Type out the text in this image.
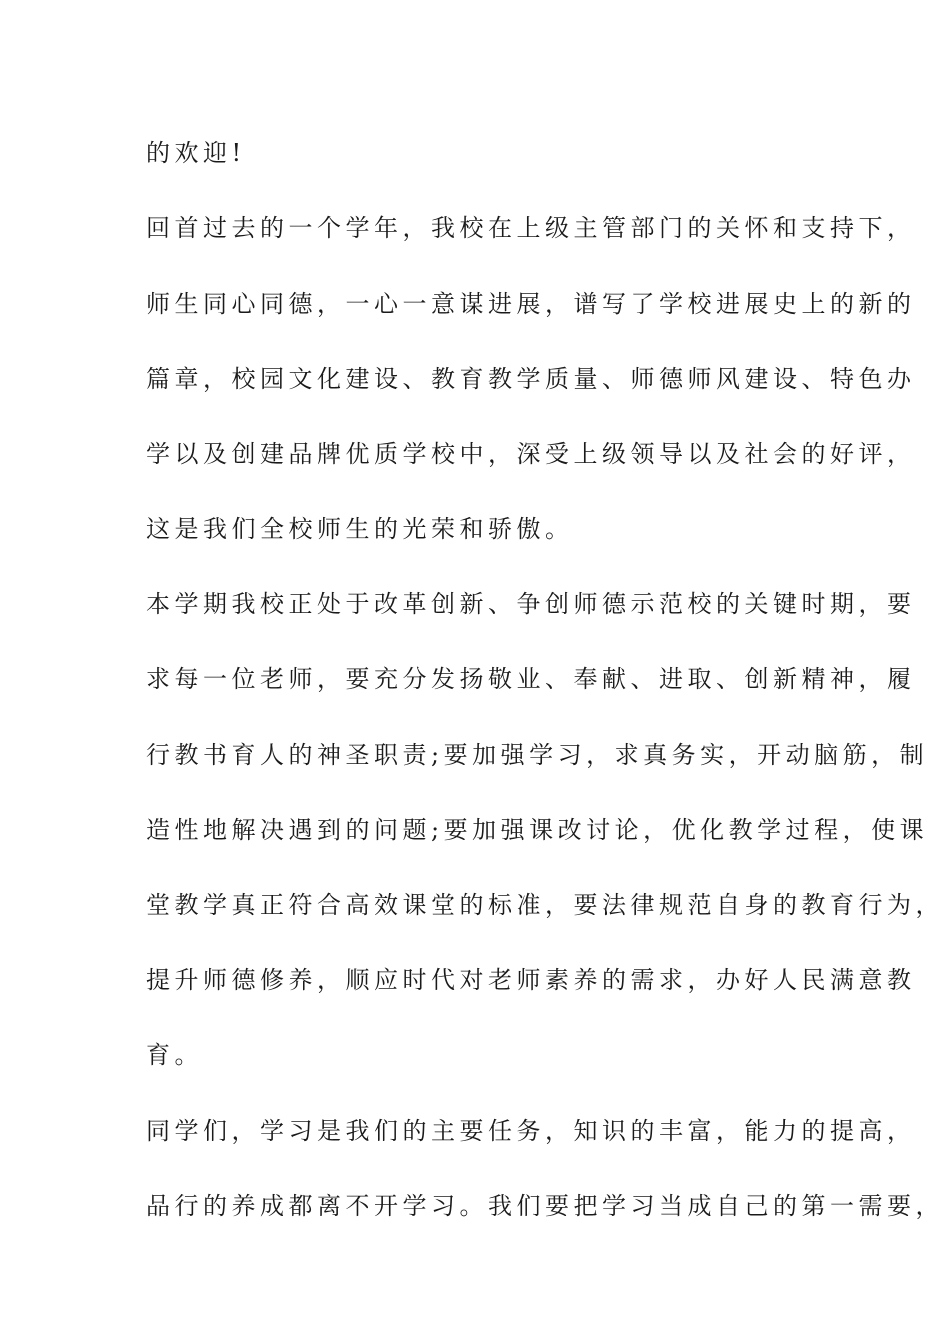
的欢迎!
回首过去的一个学年，我校在上级主管部门的关怀和支持下，
师生同心同德，一心一意谋进展，谱写了学校进展史上的新的
篇章，校园文化建设、教育教学质量、师德师风建设、特色办
学以及创建品牌优质学校中，深受上级领导以及社会的好评，
这是我们全校师生的光荣和骄傲。
本学期我校正处于改革创新、争创师德示范校的关键时期，要
求每一位老师，要充分发扬敬业、奉献、进取、创新精神，履
行教书育人的神圣职责;要加强学习，求真务实，开动脑筋，制
造性地解决遇到的问题;要加强课改讨论，优化教学过程，使课
堂教学真正符合高效课堂的标准，要法律规范自身的教育行为，
提升师德修养，顺应时代对老师素养的需求，办好人民满意教
育。
同学们，学习是我们的主要任务，知识的丰富，能力的提高，
品行的养成都离不开学习。我们要把学习当成自己的第一需要，
